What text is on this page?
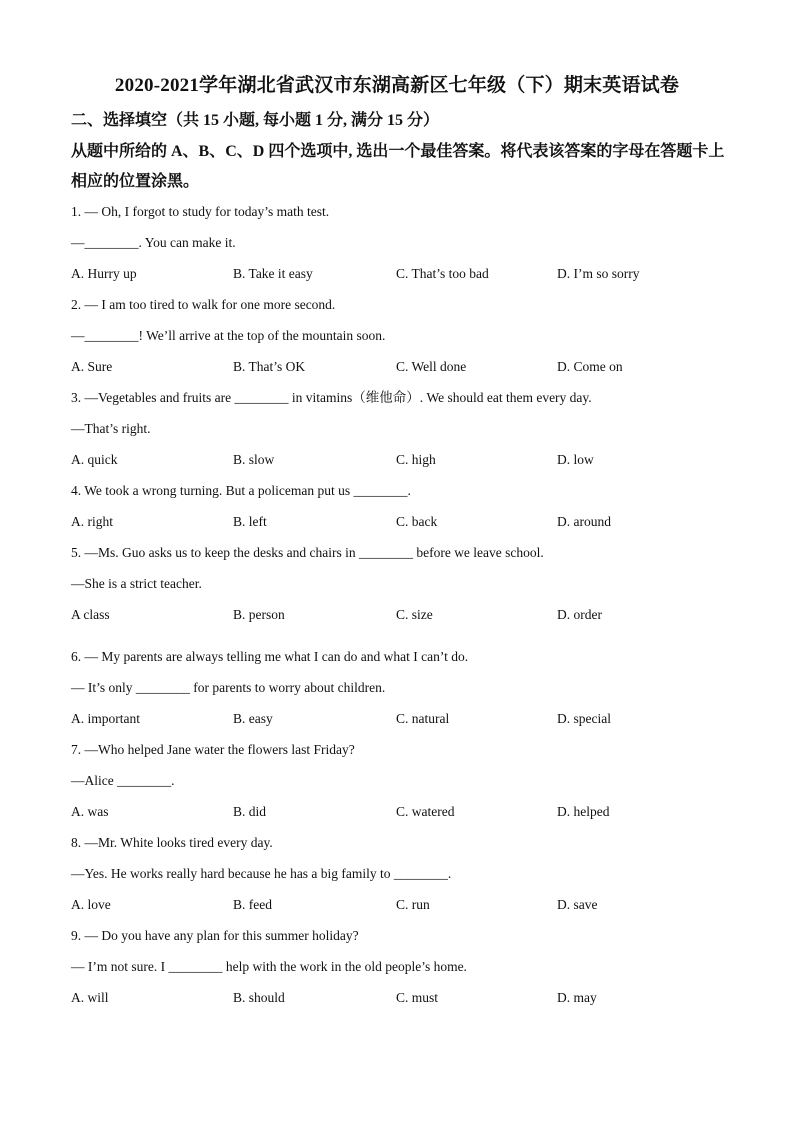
2020-2021学年湖北省武汉市东湖高新区七年级（下）期末英语试卷
二、选择填空（共 15 小题, 每小题 1 分, 满分 15 分）
从题中所给的 A、B、C、D 四个选项中, 选出一个最佳答案。将代表该答案的字母在答题卡上相应的位置涂黑。
1. — Oh, I forgot to study for today’s math test.
—________. You can make it.
A. Hurry up	B. Take it easy	C. That’s too bad	D. I’m so sorry
2. — I am too tired to walk for one more second.
—________! We’ll arrive at the top of the mountain soon.
A. Sure	B. That’s OK	C. Well done	D. Come on
3. —Vegetables and fruits are ________ in vitamins（维他命）. We should eat them every day.
—That’s right.
A. quick	B. slow	C. high	D. low
4. We took a wrong turning. But a policeman put us ________.
A. right	B. left	C. back	D. around
5. —Ms. Guo asks us to keep the desks and chairs in ________ before we leave school.
—She is a strict teacher.
A class	B. person	C. size	D. order
6. — My parents are always telling me what I can do and what I can’t do.
— It’s only ________ for parents to worry about children.
A. important	B. easy	C. natural	D. special
7. —Who helped Jane water the flowers last Friday?
—Alice ________.
A. was	B. did	C. watered	D. helped
8. —Mr. White looks tired every day.
—Yes. He works really hard because he has a big family to ________.
A. love	B. feed	C. run	D. save
9. — Do you have any plan for this summer holiday?
— I’m not sure. I ________ help with the work in the old people’s home.
A. will	B. should	C. must	D. may
